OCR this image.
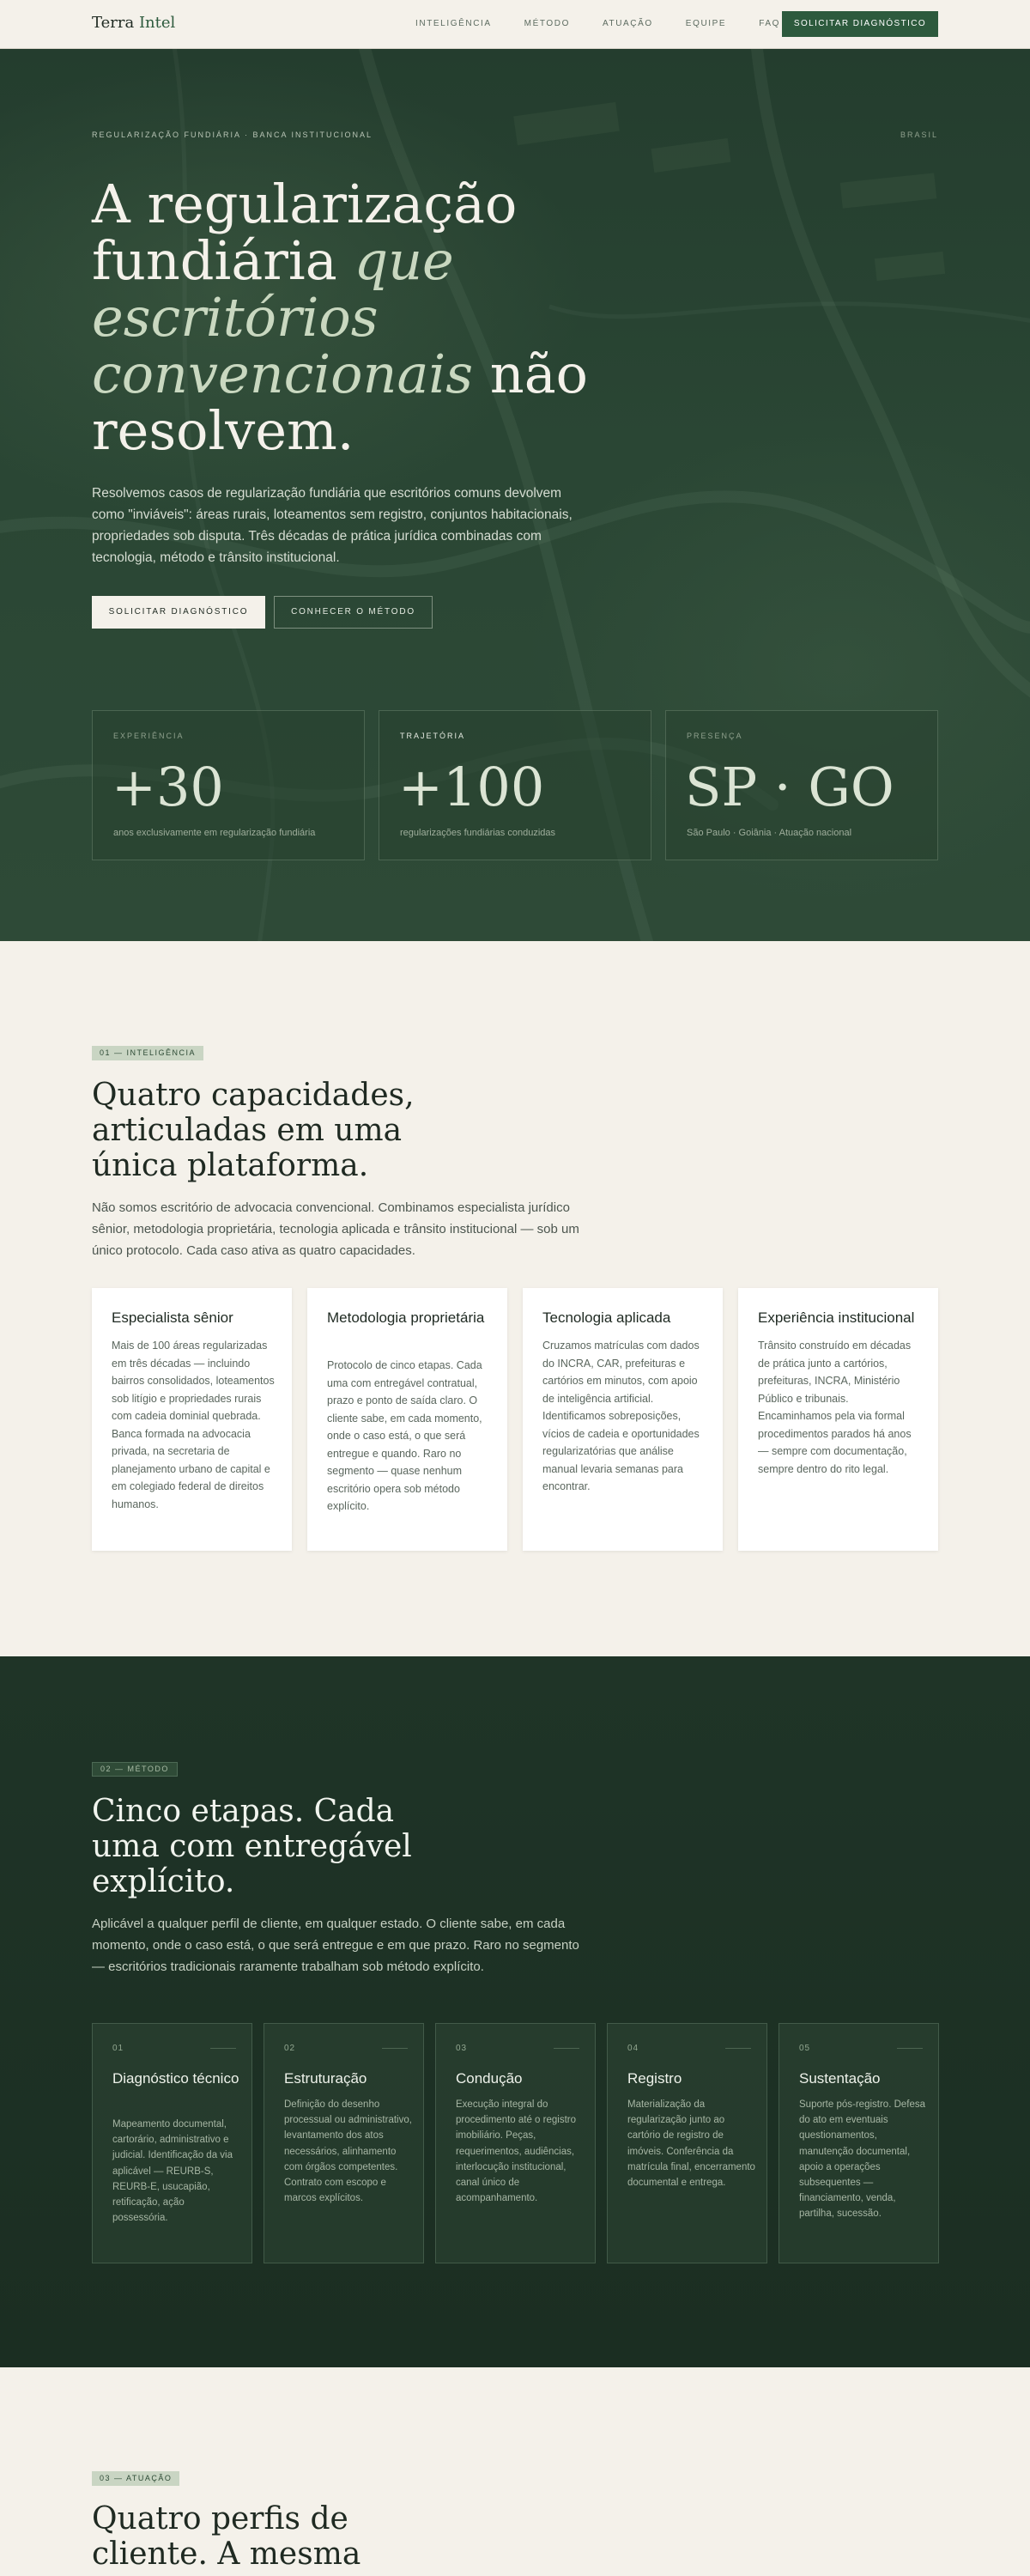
Terra Intel	INTELIGÊNCIA	MÉTODO	ATUAÇÃO	EQUIPE	FAQ	SOLICITAR DIAGNÓSTICO
REGULARIZAÇÃO FUNDIÁRIA · BANCA INSTITUCIONAL	BRASIL
A regularização fundiária que escritórios convencionais não resolvem.

Resolvemos casos de regularização fundiária que escritórios comuns devolvem como "inviáveis": áreas rurais, loteamentos sem registro, conjuntos habitacionais, propriedades sob disputa. Três décadas de prática jurídica combinadas com tecnologia, método e trânsito institucional.

SOLICITAR DIAGNÓSTICO	CONHECER O MÉTODO
EXPERIÊNCIA
+30
anos exclusivamente em regularização fundiária
TRAJETÓRIA
+100
regularizações fundiárias conduzidas
PRESENÇA
SP · GO
São Paulo · Goiânia · Atuação nacional
01 — INTELIGÊNCIA
Quatro capacidades, articuladas em uma única plataforma.

Não somos escritório de advocacia convencional. Combinamos especialista jurídico sênior, metodologia proprietária, tecnologia aplicada e trânsito institucional — sob um único protocolo. Cada caso ativa as quatro capacidades.

Especialista sênior
Mais de 100 áreas regularizadas em três décadas — incluindo bairros consolidados, loteamentos sob litígio e propriedades rurais com cadeia dominial quebrada. Banca formada na advocacia privada, na secretaria de planejamento urbano de capital e em colegiado federal de direitos humanos.
Metodologia proprietária
Protocolo de cinco etapas. Cada uma com entregável contratual, prazo e ponto de saída claro. O cliente sabe, em cada momento, onde o caso está, o que será entregue e quando. Raro no segmento — quase nenhum escritório opera sob método explícito.
Tecnologia aplicada
Cruzamos matrículas com dados do INCRA, CAR, prefeituras e cartórios em minutos, com apoio de inteligência artificial. Identificamos sobreposições, vícios de cadeia e oportunidades regularizatórias que análise manual levaria semanas para encontrar.
Experiência institucional
Trânsito construído em décadas de prática junto a cartórios, prefeituras, INCRA, Ministério Público e tribunais. Encaminhamos pela via formal procedimentos parados há anos — sempre com documentação, sempre dentro do rito legal.
02 — MÉTODO
Cinco etapas. Cada uma com entregável explícito.

Aplicável a qualquer perfil de cliente, em qualquer estado. O cliente sabe, em cada momento, onde o caso está, o que será entregue e em que prazo. Raro no segmento — escritórios tradicionais raramente trabalham sob método explícito.

01
Diagnóstico técnico
Mapeamento documental, cartorário, administrativo e judicial. Identificação da via aplicável — REURB-S, REURB-E, usucapião, retificação, ação possessória.
02
Estruturação
Definição do desenho processual ou administrativo, levantamento dos atos necessários, alinhamento com órgãos competentes. Contrato com escopo e marcos explícitos.
03
Condução
Execução integral do procedimento até o registro imobiliário. Peças, requerimentos, audiências, interlocução institucional, canal único de acompanhamento.
04
Registro
Materialização da regularização junto ao cartório de registro de imóveis. Conferência da matrícula final, encerramento documental e entrega.
05
Sustentação
Suporte pós-registro. Defesa do ato em eventuais questionamentos, manutenção documental, apoio a operações subsequentes — financiamento, venda, partilha, sucessão.
03 — ATUAÇÃO
Quatro perfis de cliente. A mesma
